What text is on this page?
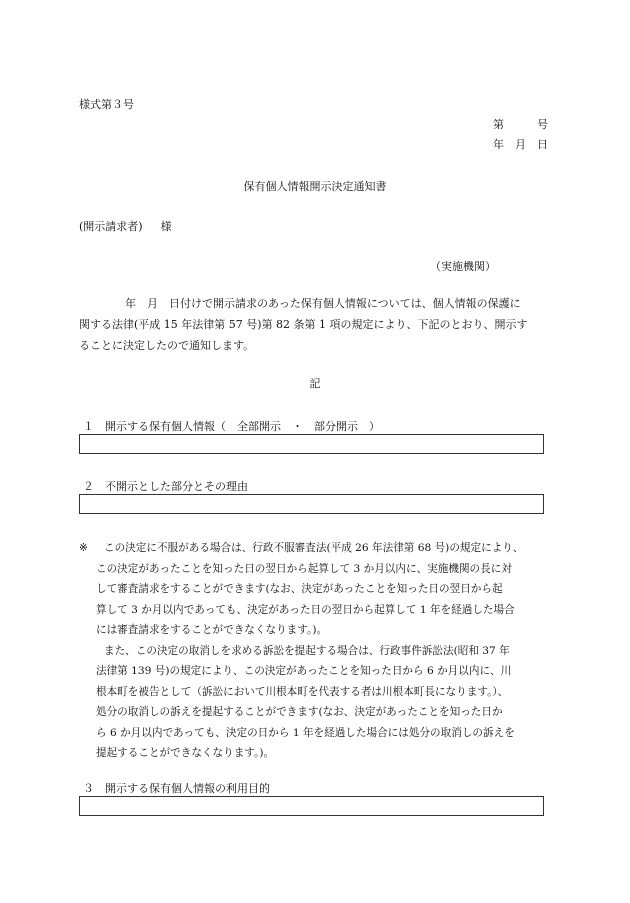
様式第３号
第　　　号
年　月　日
保有個人情報開示決定通知書
(開示請求者) 様
（実施機関）

年　月　日付けで開示請求のあった保有個人情報については、個人情報の保護に

関する法律(平成 15 年法律第 57 号)第 82 条第 1 項の規定により、下記のとおり、開示す

ることに決定したので通知します。

記
１　開示する保有個人情報（　全部開示　・　部分開示　）
２　不開示とした部分とその理由
※	この決定に不服がある場合は、行政不服審査法(平成 26 年法律第 68 号)の規定により、

この決定があったことを知った日の翌日から起算して 3 か月以内に、実施機関の長に対

して審査請求をすることができます(なお、決定があったことを知った日の翌日から起

算して 3 か月以内であっても、決定があった日の翌日から起算して 1 年を経過した場合

には審査請求をすることができなくなります。)。

また、この決定の取消しを求める訴訟を提起する場合は、行政事件訴訟法(昭和 37 年

法律第 139 号)の規定により、この決定があったことを知った日から 6 か月以内に、川

根本町を被告として（訴訟において川根本町を代表する者は川根本町長になります。）、

処分の取消しの訴えを提起することができます(なお、決定があったことを知った日か

ら 6 か月以内であっても、決定の日から 1 年を経過した場合には処分の取消しの訴えを

提起することができなくなります。)。

３　開示する保有個人情報の利用目的
